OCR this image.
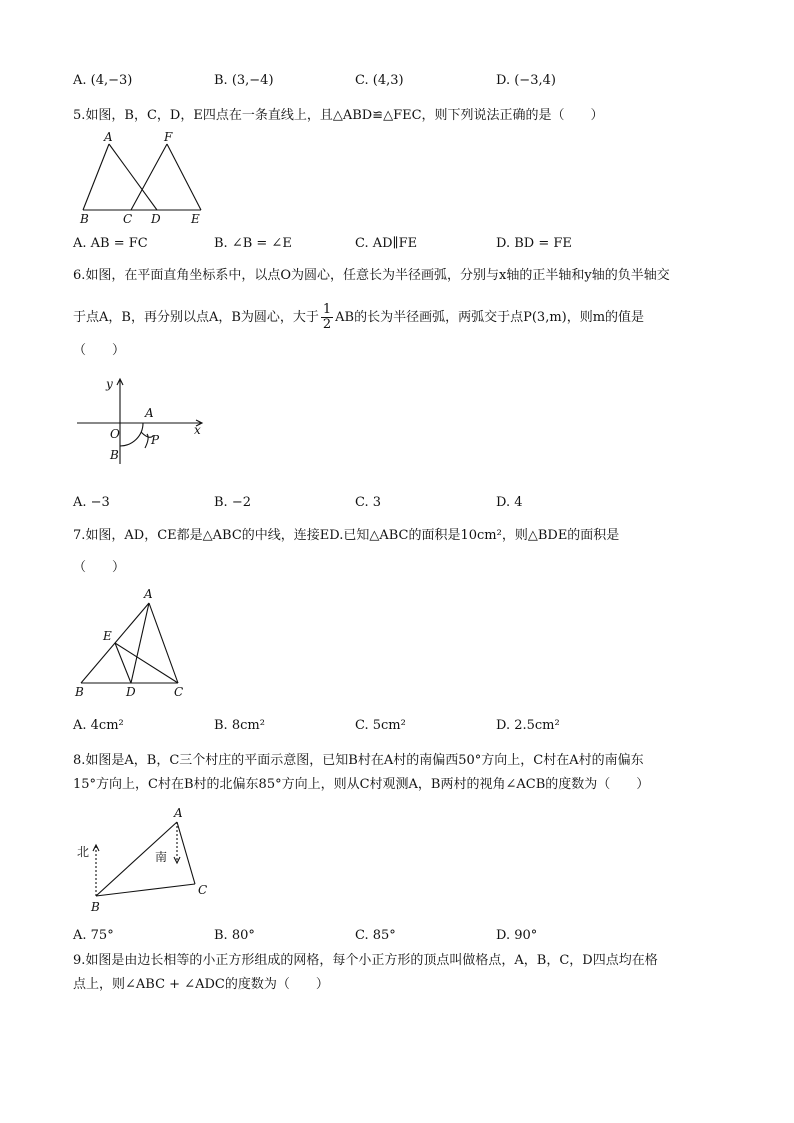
A. (4,−3)	B. (3,−4)	C. (4,3)	D. (−3,4)
5.如图，B，C，D，E四点在一条直线上，且△ABD≌△FEC，则下列说法正确的是（　　）
A	F
B	C D	E
A. AB = FC	B. ∠B = ∠E	C. AD∥FE	D. BD = FE
6.如图，在平面直角坐标系中，以点O为圆心，任意长为半径画弧，分别与x轴的正半轴和y轴的负半轴交
于点A，B，再分别以点A，B为圆心，大于 $\frac{1}{2}$ AB的长为半径画弧，两弧交于点P(3,m)，则m的值是
（　　）
y
x
O
A
B
P
A. −3	B. −2	C. 3	D. 4
7.如图，AD，CE都是△ABC的中线，连接ED.已知△ABC的面积是10cm²，则△BDE的面积是
（　　）
A
E
B	D	C
A. 4cm²	B. 8cm²	C. 5cm²	D. 2.5cm²
8.如图是A，B，C三个村庄的平面示意图，已知B村在A村的南偏西50°方向上，C村在A村的南偏东
15°方向上，C村在B村的北偏东85°方向上，则从C村观测A，B两村的视角∠ACB的度数为（　　）
A
北	南
B
C
A. 75°	B. 80°	C. 85°	D. 90°
9.如图是由边长相等的小正方形组成的网格，每个小正方形的顶点叫做格点，A，B，C，D四点均在格
点上，则∠ABC + ∠ADC的度数为（　　）
